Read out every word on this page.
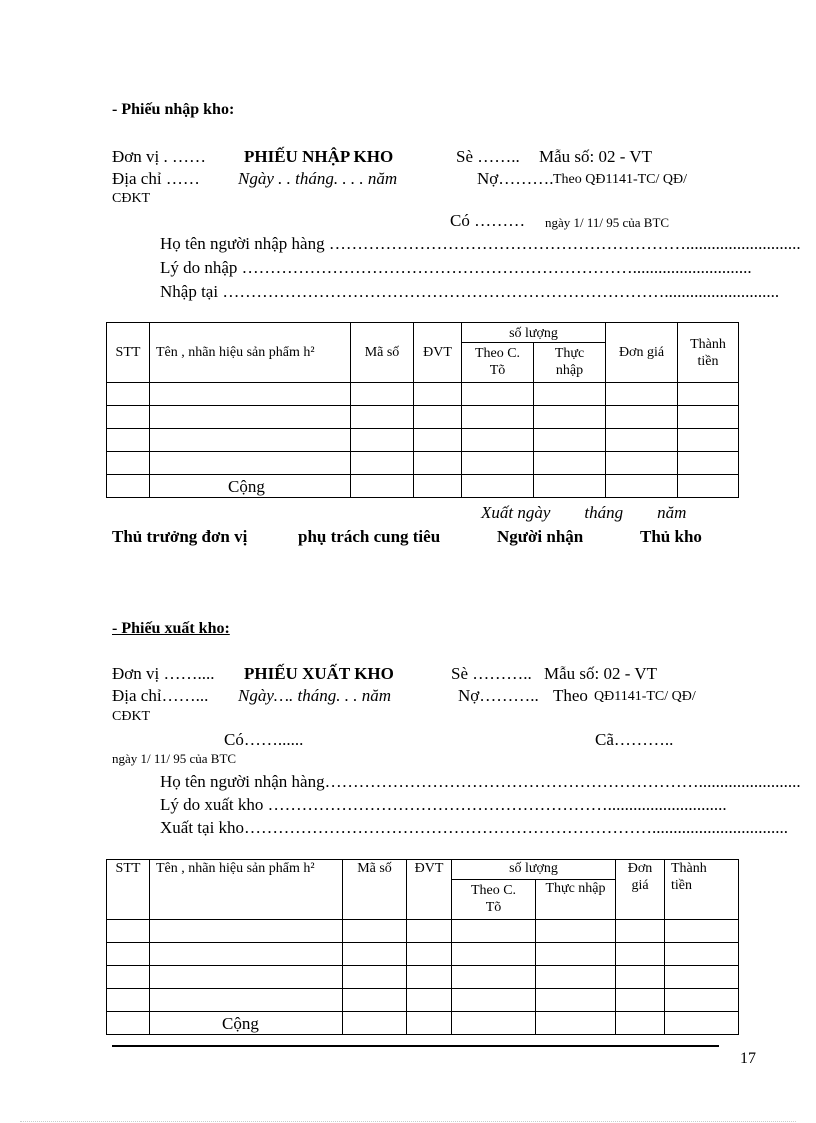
- Phiếu nhập kho:
Đơn vị . …… PHIẾU NHẬP KHO	Sè …….. Mẫu số: 02 - VT
Địa chỉ …… Ngày . . tháng. . . . năm	Nợ………. Theo QĐ1141-TC/ QĐ/
CĐKT
Có ……… ngày 1/ 11/ 95 của BTC
Họ tên người nhập hàng ………………………………………………………...........................
Lý do nhập ……………………………………………………………............................
Nhập tại ……………………………………………………………………...........................
STT	Tên , nhãn hiệu sản phẩm h²	Mã số	ĐVT	số lượng		Đơn giá	Thành tiền
				Theo C. Tõ	Thực nhập		

	Cộng						
Xuất ngày        tháng        năm
Thủ trưởng đơn vị	phụ trách cung tiêu	Người nhận	Thủ kho
- Phiếu xuất kho:
Đơn vị …….... PHIẾU XUẤT KHO	Sè ……….. Mẫu số: 02 - VT
Địa chỉ……... Ngày…. tháng. . . năm	Nợ……….. Theo QĐ1141-TC/ QĐ/
CĐKT
Có……......	Cã………..
ngày 1/ 11/ 95 của BTC
Họ tên người nhận hàng…………………………………………………………........................
Lý do xuất kho ……………………………………………………............................
Xuất tại kho………………………………………………………………................................
STT	Tên , nhãn hiệu sản phẩm h²	Mã số	ĐVT	số lượng		Đơn giá	Thành tiền
				Theo C. Tõ	Thực nhập		

	Cộng						
17
